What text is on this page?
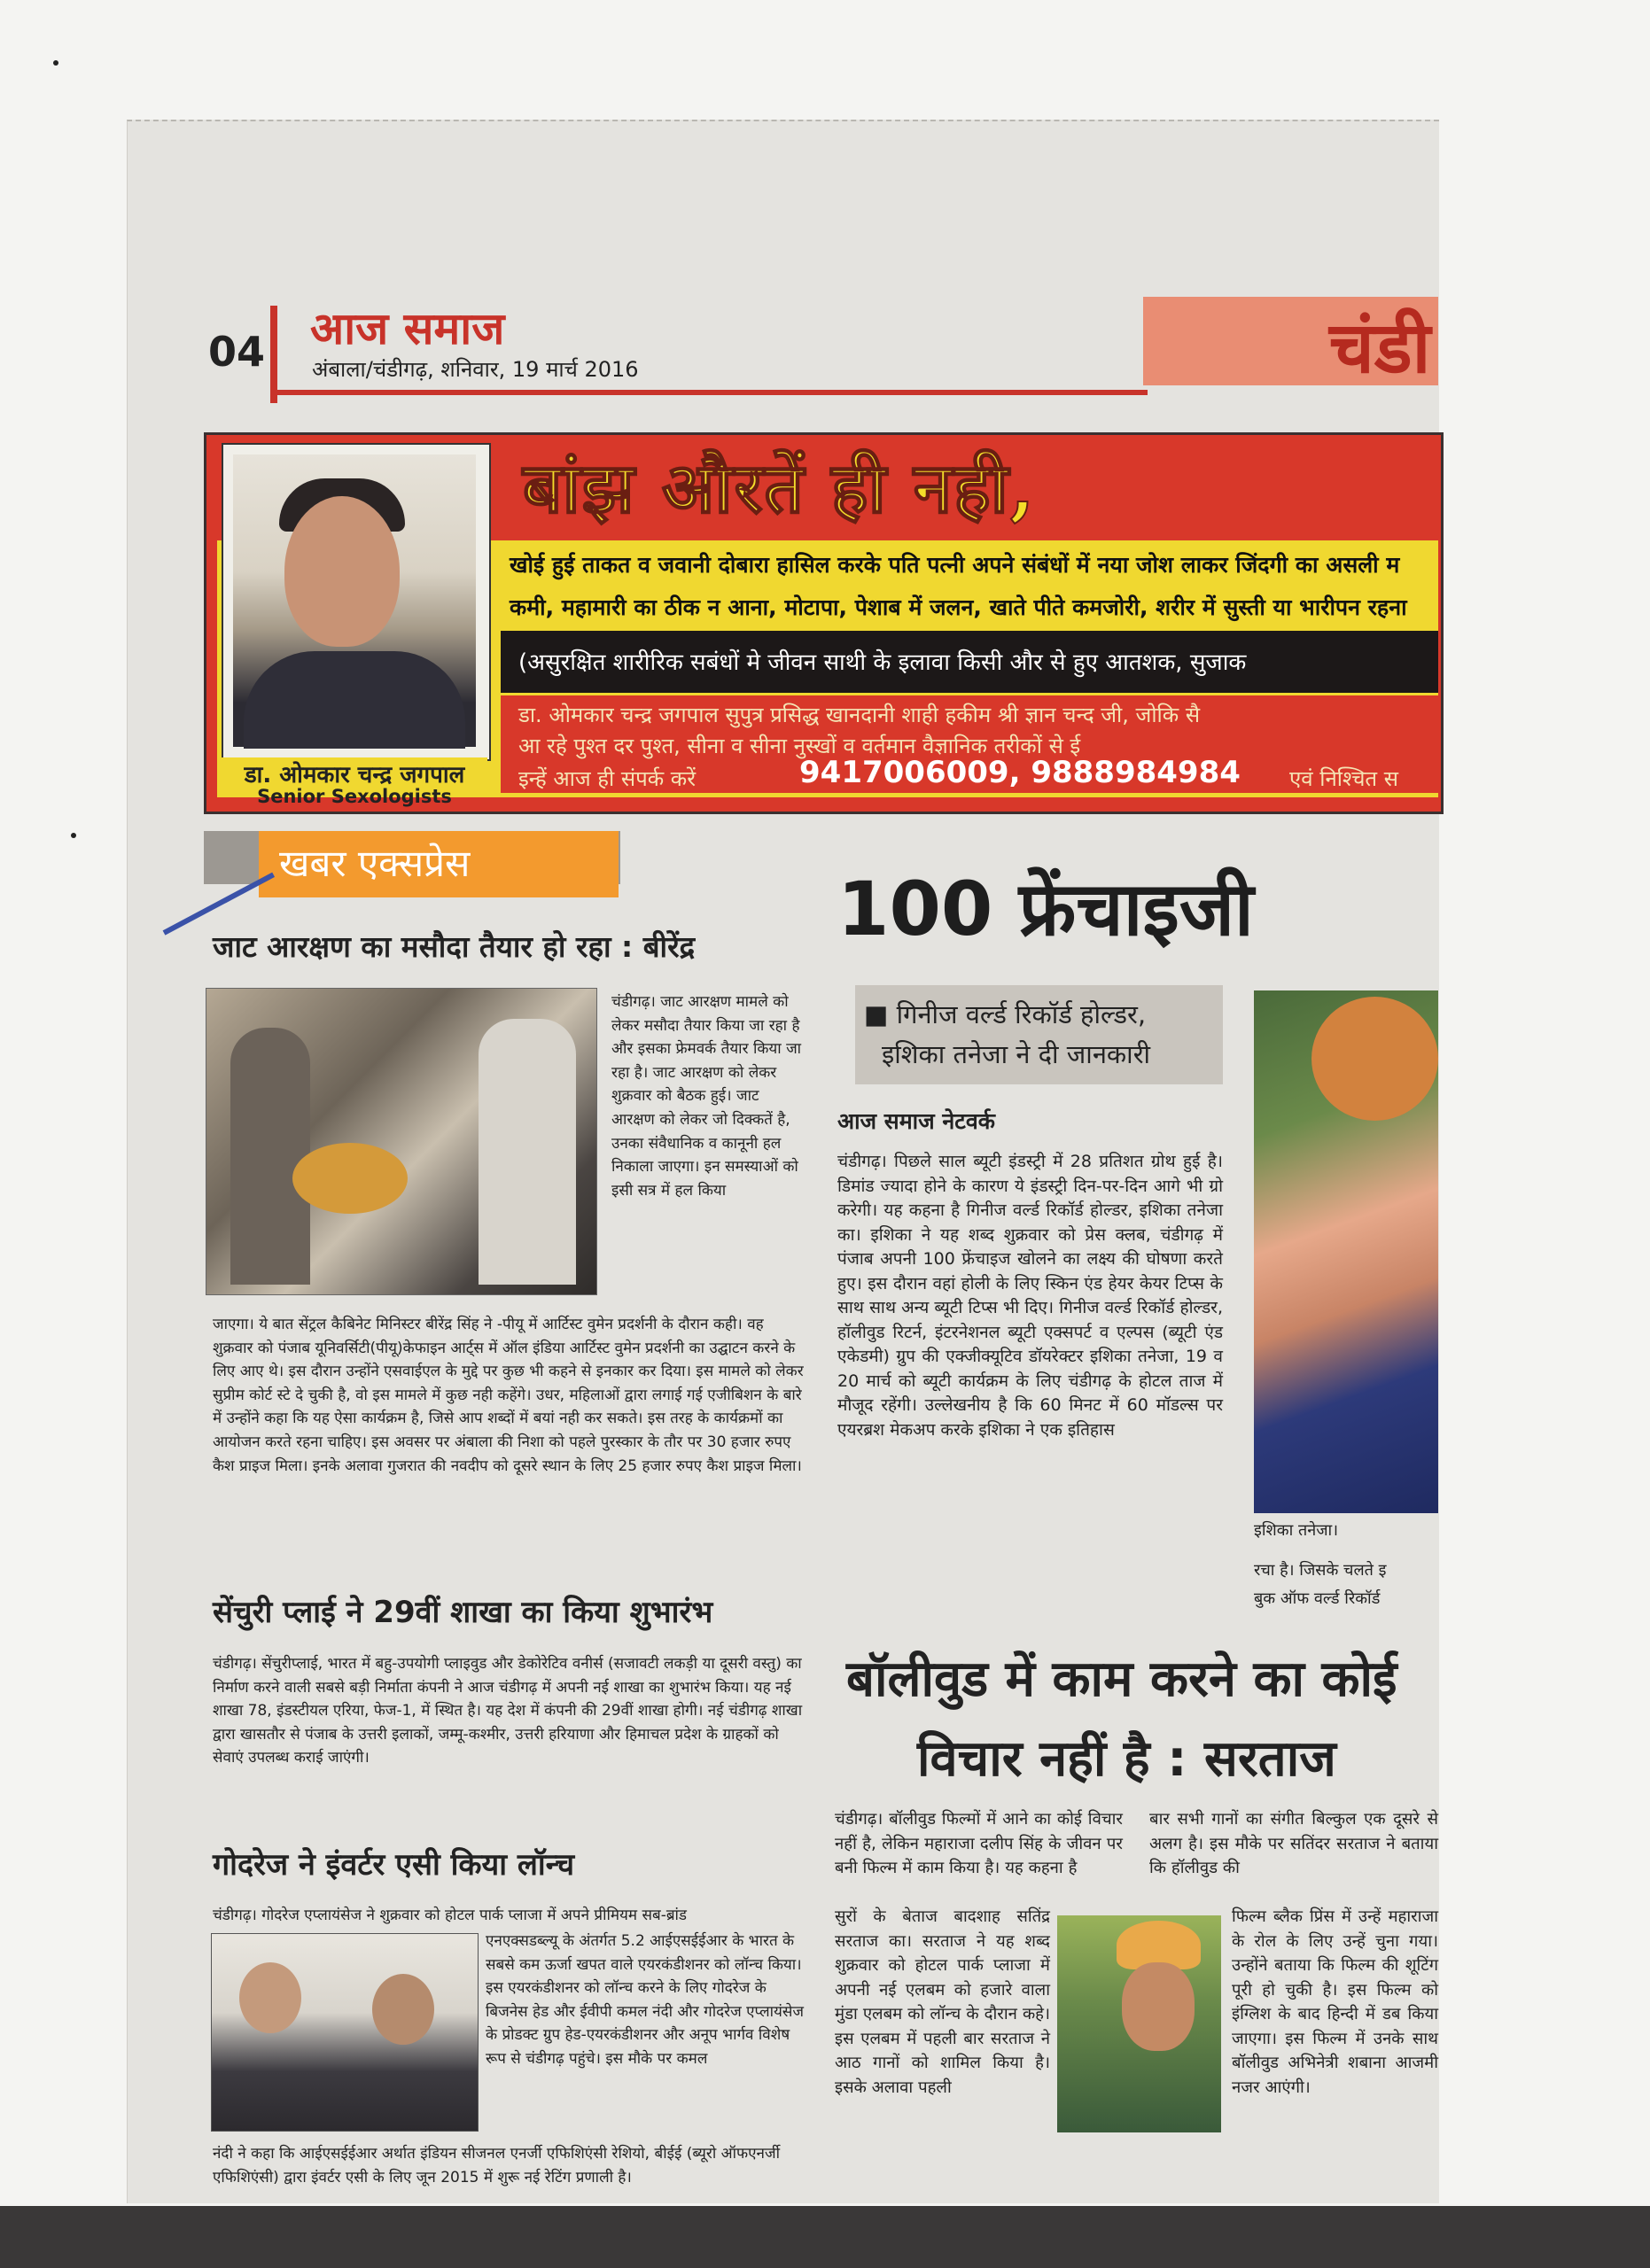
04 आज समाज
अंबाला/चंडीगढ़, शनिवार, 19 मार्च 2016	चंडी
डा. ओमकार चन्द्र जगपाल
Senior Sexologists
बांझ औरतें ही नही,
खोई हुई ताकत व जवानी दोबारा हासिल करके पति पत्नी अपने संबंधों में नया जोश लाकर जिंदगी का असली म
कमी, महामारी का ठीक न आना, मोटापा, पेशाब में जलन, खाते पीते कमजोरी, शरीर में सुस्ती या भारीपन रहना
(असुरक्षित शारीरिक सबंधों मे जीवन साथी के इलावा किसी और से हुए आतशक, सुजाक
डा. ओमकार चन्द्र जगपाल सुपुत्र प्रसिद्ध खानदानी शाही हकीम श्री ज्ञान चन्द जी, जोकि सै
आ रहे पुश्त दर पुश्त, सीना व सीना नुस्खों व वर्तमान वैज्ञानिक तरीकों से ई
इन्हें आज ही संपर्क करें	9417006009, 9888984984 एवं निश्चित स
खबर एक्सप्रेस
जाट आरक्षण का मसौदा तैयार हो रहा : बीरेंद्र
चंडीगढ़। जाट आरक्षण मामले को लेकर मसौदा तैयार किया जा रहा है और इसका फ्रेमवर्क तैयार किया जा रहा है। जाट आरक्षण को लेकर शुक्रवार को बैठक हुई। जाट आरक्षण को लेकर जो दिक्कतें है, उनका संवैधानिक व कानूनी हल निकाला जाएगा। इन समस्याओं को इसी सत्र में हल किया
जाएगा। ये बात सेंट्रल कैबिनेट मिनिस्टर बीरेंद्र सिंह ने -पीयू में आर्टिस्ट वुमेन प्रदर्शनी के दौरान कही। वह शुक्रवार को पंजाब यूनिवर्सिटी(पीयू)केफाइन आर्ट्स में ऑल इंडिया आर्टिस्ट वुमेन प्रदर्शनी का उद्घाटन करने के लिए आए थे। इस दौरान उन्होंने एसवाईएल के मुद्दे पर कुछ भी कहने से इनकार कर दिया। इस मामले को लेकर सुप्रीम कोर्ट स्टे दे चुकी है, वो इस मामले में कुछ नही कहेंगे। उधर, महिलाओं द्वारा लगाई गई एजीबिशन के बारे में उन्होंने कहा कि यह ऐसा कार्यक्रम है, जिसे आप शब्दों में बयां नही कर सकते। इस तरह के कार्यक्रमों का आयोजन करते रहना चाहिए। इस अवसर पर अंबाला की निशा को पहले पुरस्कार के तौर पर 30 हजार रुपए कैश प्राइज मिला। इनके अलावा गुजरात की नवदीप को दूसरे स्थान के लिए 25 हजार रुपए कैश प्राइज मिला।
सेंचुरी प्लाई ने 29वीं शाखा का किया शुभारंभ
चंडीगढ़। सेंचुरीप्लाई, भारत में बहु-उपयोगी प्लाइवुड और डेकोरेटिव वनीर्स (सजावटी लकड़ी या दूसरी वस्तु) का निर्माण करने वाली सबसे बड़ी निर्माता कंपनी ने आज चंडीगढ़ में अपनी नई शाखा का शुभारंभ किया। यह नई शाखा 78, इंडस्टीयल एरिया, फेज-1, में स्थित है। यह देश में कंपनी की 29वीं शाखा होगी। नई चंडीगढ़ शाखा द्वारा खासतौर से पंजाब के उत्तरी इलाकों, जम्मू-कश्मीर, उत्तरी हरियाणा और हिमाचल प्रदेश के ग्राहकों को सेवाएं उपलब्ध कराई जाएंगी।
गोदरेज ने इंवर्टर एसी किया लॉन्च
चंडीगढ़। गोदरेज एप्लायंसेज ने शुक्रवार को होटल पार्क प्लाजा में अपने प्रीमियम सब-ब्रांड
एनएक्सडब्ल्यू के अंतर्गत 5.2 आईएसईईआर के भारत के सबसे कम ऊर्जा खपत वाले एयरकंडीशनर को लॉन्च किया। इस एयरकंडीशनर को लॉन्च करने के लिए गोदरेज के बिजनेस हेड और ईवीपी कमल नंदी और गोदरेज एप्लायंसेज के प्रोडक्ट ग्रुप हेड-एयरकंडीशनर और अनूप भार्गव विशेष रूप से चंडीगढ़ पहुंचे। इस मौके पर कमल
नंदी ने कहा कि आईएसईईआर अर्थात इंडियन सीजनल एनर्जी एफिशिएंसी रेशियो, बीईई (ब्यूरो ऑफएनर्जी एफिशिएंसी) द्वारा इंवर्टर एसी के लिए जून 2015 में शुरू नई रेटिंग प्रणाली है।
100 फ्रेंचाइजी
■ गिनीज वर्ल्ड रिकॉर्ड होल्डर,
इशिका तनेजा ने दी जानकारी
आज समाज नेटवर्क
चंडीगढ़। पिछले साल ब्यूटी इंडस्ट्री में 28 प्रतिशत ग्रोथ हुई है। डिमांड ज्यादा होने के कारण ये इंडस्ट्री दिन-पर-दिन आगे भी ग्रो करेगी। यह कहना है गिनीज वर्ल्ड रिकॉर्ड होल्डर, इशिका तनेजा का। इशिका ने यह शब्द शुक्रवार को प्रेस क्लब, चंडीगढ़ में पंजाब अपनी 100 फ्रेंचाइज खोलने का लक्ष्य की घोषणा करते हुए। इस दौरान वहां होली के लिए स्किन एंड हेयर केयर टिप्स के साथ साथ अन्य ब्यूटी टिप्स भी दिए। गिनीज वर्ल्ड रिकॉर्ड होल्डर, हॉलीवुड रिटर्न, इंटरनेशनल ब्यूटी एक्सपर्ट व एल्पस (ब्यूटी एंड एकेडमी) ग्रुप की एक्जीक्यूटिव डॉयरेक्टर इशिका तनेजा, 19 व 20 मार्च को ब्यूटी कार्यक्रम के लिए चंडीगढ़ के होटल ताज में मौजूद रहेंगी। उल्लेखनीय है कि 60 मिनट में 60 मॉडल्स पर एयरब्रश मेकअप करके इशिका ने एक इतिहास
इशिका तनेजा।
रचा है। जिसके चलते इ
बुक ऑफ वर्ल्ड रिकॉर्ड
बॉलीवुड में काम करने का कोई
विचार नहीं है : सरताज
चंडीगढ़। बॉलीवुड फिल्मों में आने का कोई विचार नहीं है, लेकिन महाराजा दलीप सिंह के जीवन पर बनी फिल्म में काम किया है। यह कहना है
सुरों के बेताज बादशाह सतिंद्र सरताज का। सरताज ने यह शब्द शुक्रवार को होटल पार्क प्लाजा में अपनी नई एलबम को हजारे वाला मुंडा एलबम को लॉन्च के दौरान कहे। इस एलबम में पहली बार सरताज ने आठ गानों को शामिल किया है। इसके अलावा पहली
बार सभी गानों का संगीत बिल्कुल एक दूसरे से अलग है। इस मौके पर सतिंदर सरताज ने बताया कि हॉलीवुड की
फिल्म ब्लैक प्रिंस में उन्हें महाराजा के रोल के लिए उन्हें चुना गया। उन्होंने बताया कि फिल्म की शूटिंग पूरी हो चुकी है। इस फिल्म को इंग्लिश के बाद हिन्दी में डब किया जाएगा। इस फिल्म में उनके साथ बॉलीवुड अभिनेत्री शबाना आजमी नजर आएंगी।
